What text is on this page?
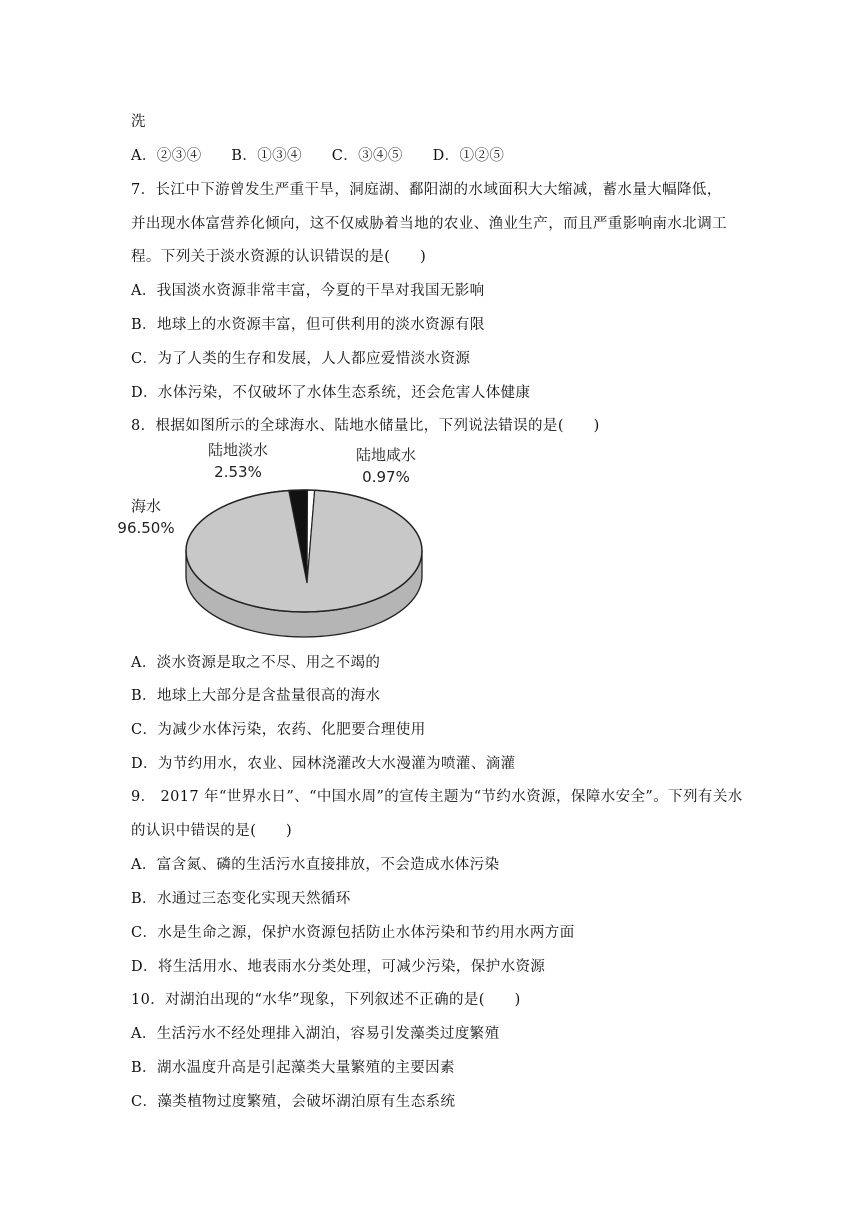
洗
A．②③④　　B．①③④　　C．③④⑤　　D．①②⑤
7．长江中下游曾发生严重干旱，洞庭湖、鄱阳湖的水域面积大大缩减，蓄水量大幅降低，
并出现水体富营养化倾向，这不仅威胁着当地的农业、渔业生产，而且严重影响南水北调工
程。下列关于淡水资源的认识错误的是(　　)
A．我国淡水资源非常丰富，今夏的干旱对我国无影响
B．地球上的水资源丰富，但可供利用的淡水资源有限
C．为了人类的生存和发展，人人都应爱惜淡水资源
D．水体污染，不仅破坏了水体生态系统，还会危害人体健康
8．根据如图所示的全球海水、陆地水储量比，下列说法错误的是(　　)
陆地淡水
2.53%
陆地咸水
0.97%
海水
96.50%
A．淡水资源是取之不尽、用之不竭的
B．地球上大部分是含盐量很高的海水
C．为减少水体污染，农药、化肥要合理使用
D．为节约用水，农业、园林浇灌改大水漫灌为喷灌、滴灌
9． 2017 年“世界水日”、“中国水周”的宣传主题为“节约水资源，保障水安全”。下列有关水
的认识中错误的是(　　)
A．富含氮、磷的生活污水直接排放，不会造成水体污染
B．水通过三态变化实现天然循环
C．水是生命之源，保护水资源包括防止水体污染和节约用水两方面
D．将生活用水、地表雨水分类处理，可减少污染，保护水资源
10．对湖泊出现的“水华”现象，下列叙述不正确的是(　　)
A．生活污水不经处理排入湖泊，容易引发藻类过度繁殖
B．湖水温度升高是引起藻类大量繁殖的主要因素
C．藻类植物过度繁殖，会破坏湖泊原有生态系统
